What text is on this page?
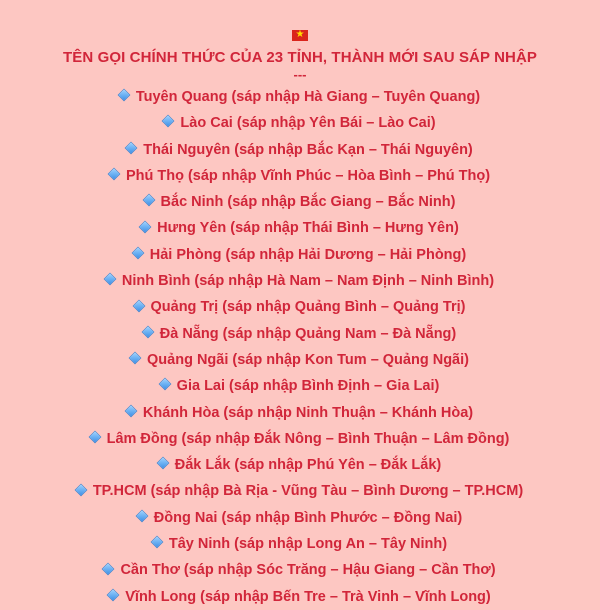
★
TÊN GỌI CHÍNH THỨC CỦA 23 TỈNH, THÀNH MỚI SAU SÁP NHẬP
---
Tuyên Quang (sáp nhập Hà Giang – Tuyên Quang)
Lào Cai (sáp nhập Yên Bái – Lào Cai)
Thái Nguyên (sáp nhập Bắc Kạn – Thái Nguyên)
Phú Thọ (sáp nhập Vĩnh Phúc – Hòa Bình – Phú Thọ)
Bắc Ninh (sáp nhập Bắc Giang – Bắc Ninh)
Hưng Yên (sáp nhập Thái Bình – Hưng Yên)
Hải Phòng (sáp nhập Hải Dương – Hải Phòng)
Ninh Bình (sáp nhập Hà Nam – Nam Định – Ninh Bình)
Quảng Trị (sáp nhập Quảng Bình – Quảng Trị)
Đà Nẵng (sáp nhập Quảng Nam – Đà Nẵng)
Quảng Ngãi (sáp nhập Kon Tum – Quảng Ngãi)
Gia Lai (sáp nhập Bình Định – Gia Lai)
Khánh Hòa (sáp nhập Ninh Thuận – Khánh Hòa)
Lâm Đồng (sáp nhập Đắk Nông – Bình Thuận – Lâm Đồng)
Đắk Lắk (sáp nhập Phú Yên – Đắk Lắk)
TP.HCM (sáp nhập Bà Rịa - Vũng Tàu – Bình Dương – TP.HCM)
Đồng Nai (sáp nhập Bình Phước – Đồng Nai)
Tây Ninh (sáp nhập Long An – Tây Ninh)
Cần Thơ (sáp nhập Sóc Trăng – Hậu Giang – Cần Thơ)
Vĩnh Long (sáp nhập Bến Tre – Trà Vinh – Vĩnh Long)
